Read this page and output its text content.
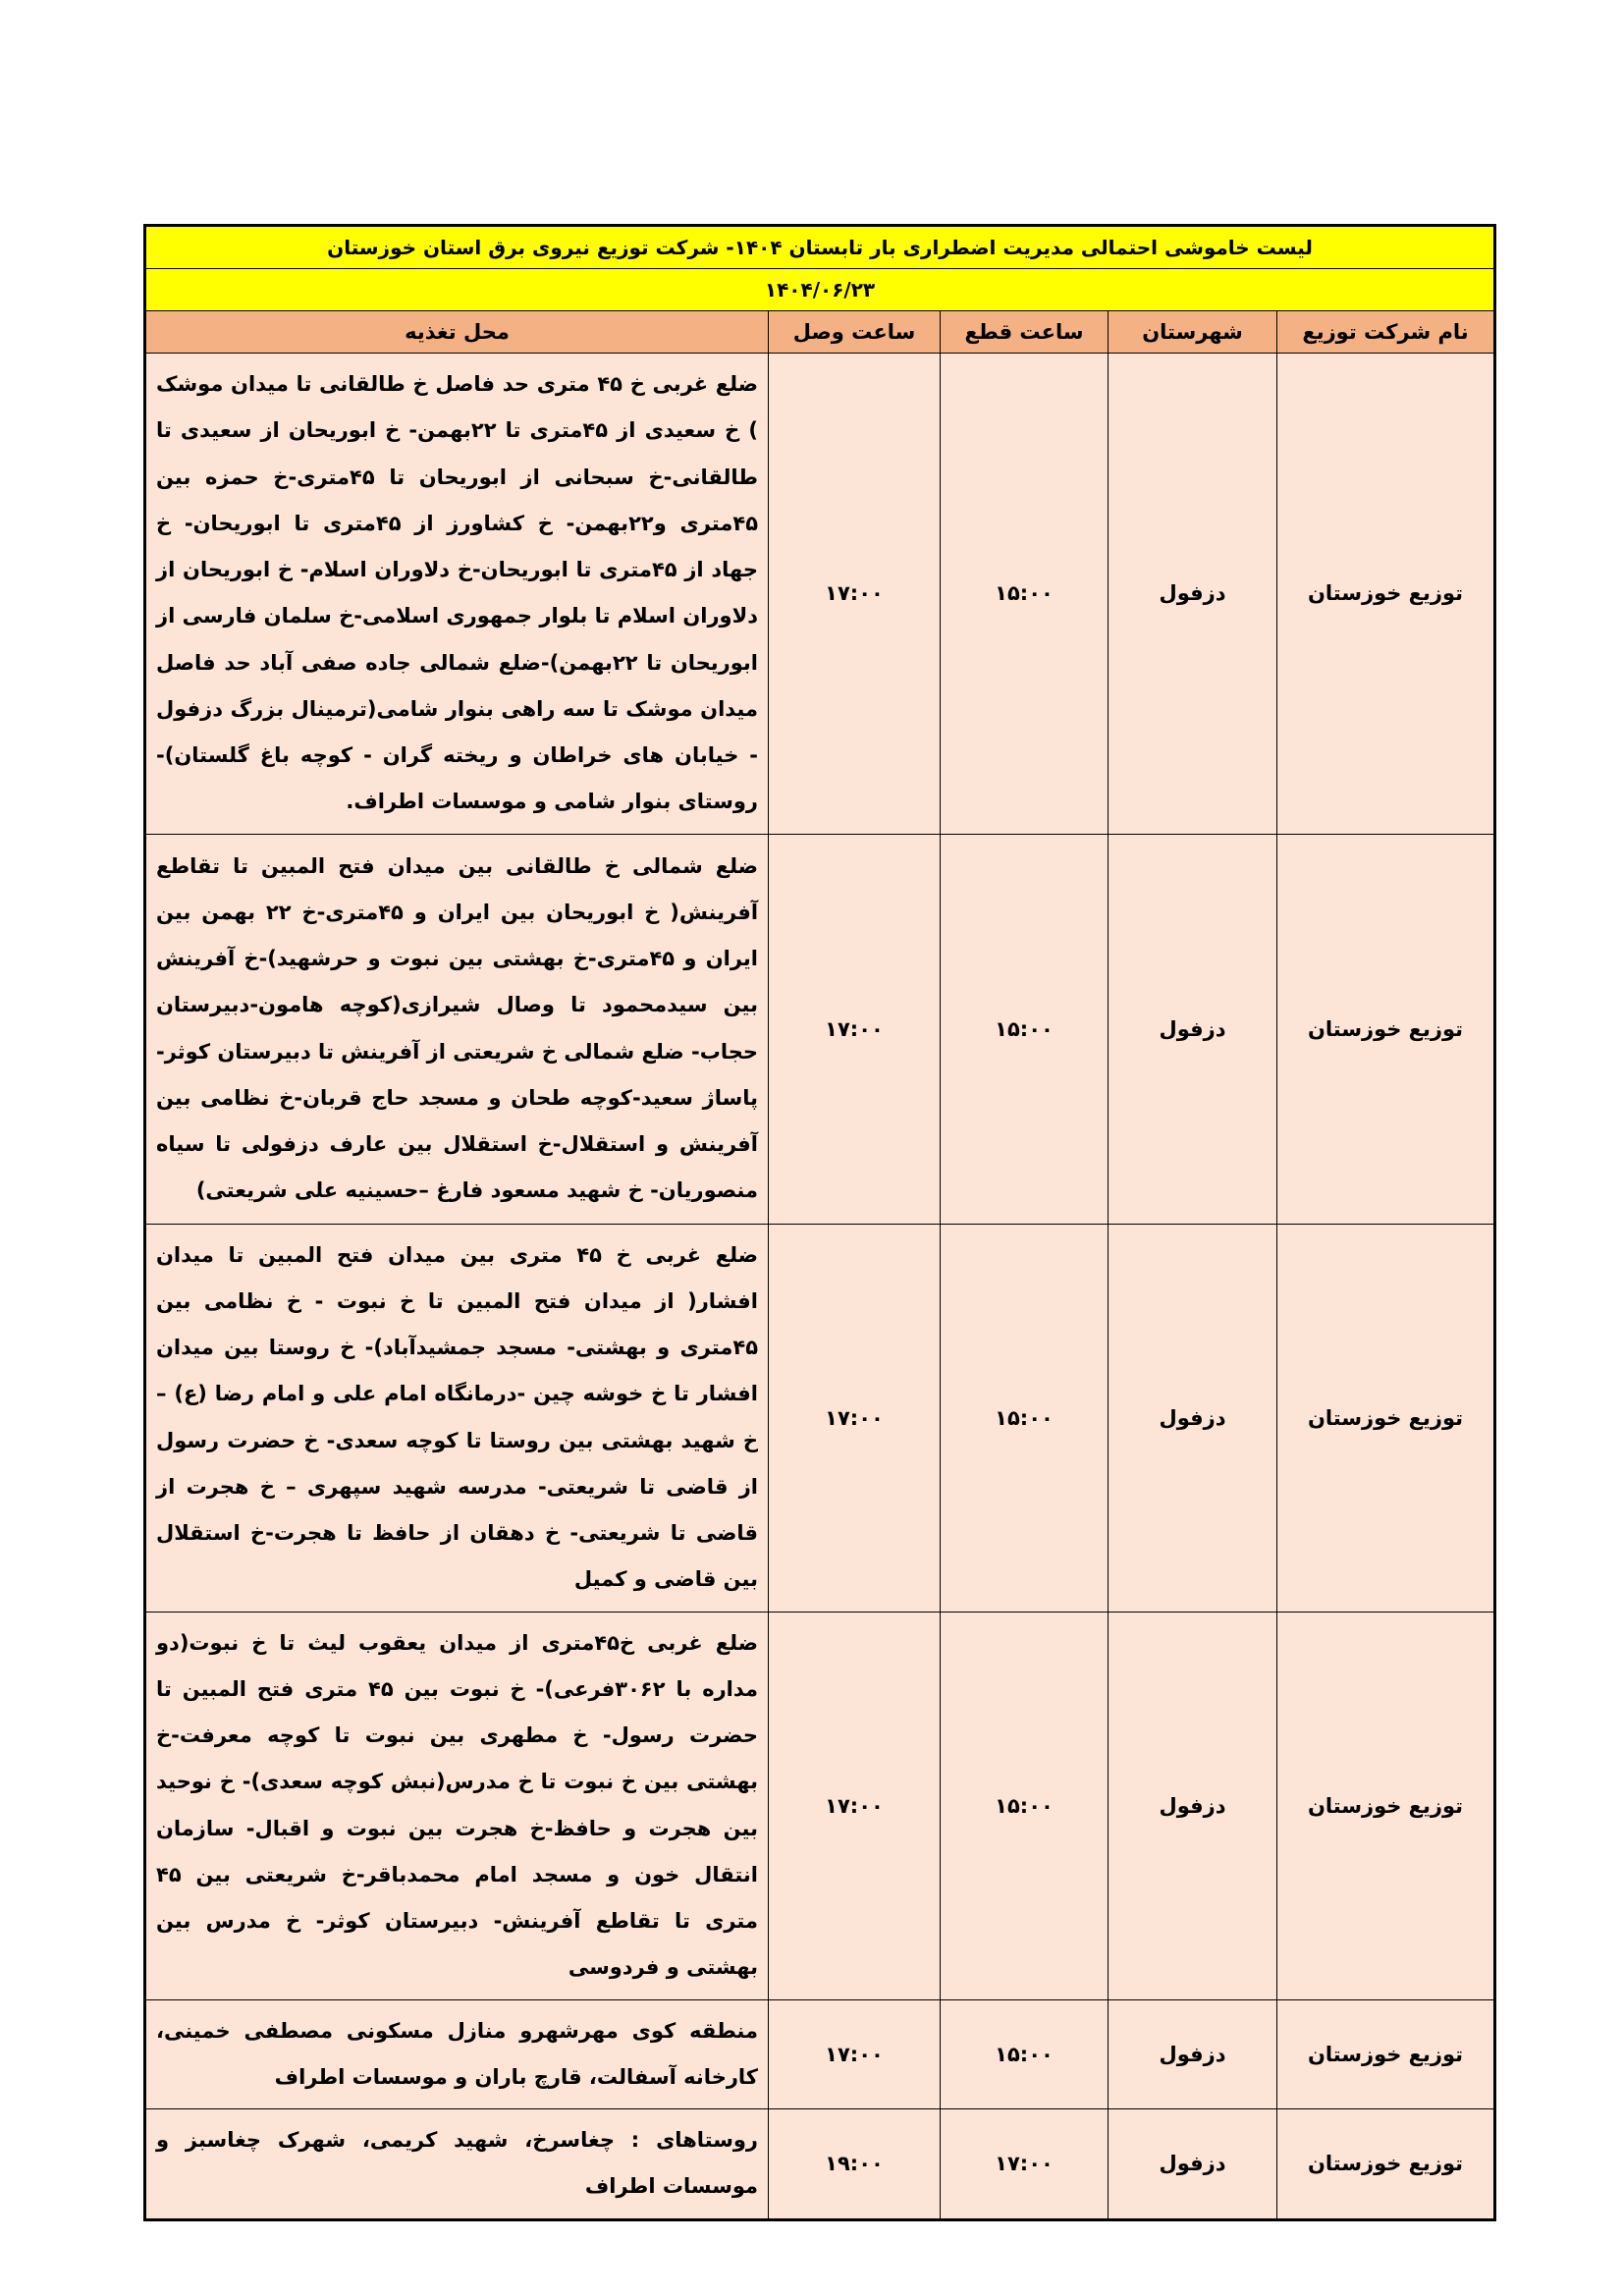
لیست خاموشی احتمالی مدیریت اضطراری بار تابستان ۱۴۰۴- شرکت توزیع نیروی برق استان خوزستان				
۱۴۰۴/۰۶/۲۳				
نام شرکت توزیع	شهرستان	ساعت قطع	ساعت وصل	محل تغذیه
توزیع خوزستان	دزفول	۱۵:۰۰	۱۷:۰۰	ضلع غربی خ ۴۵ متری حد فاصل خ طالقانی تا میدان موشک ) خ سعیدی از ۴۵متری تا ۲۲بهمن- خ ابوریحان از سعیدی تا طالقانی-خ سبحانی از ابوریحان تا ۴۵متری-خ حمزه بین ۴۵متری و۲۲بهمن- خ کشاورز از ۴۵متری تا ابوریحان- خ جهاد از ۴۵متری تا ابوریحان-خ دلاوران اسلام- خ ابوریحان از دلاوران اسلام تا بلوار جمهوری اسلامی-خ سلمان فارسی از ابوریحان تا ۲۲بهمن)-ضلع شمالی جاده صفی آباد حد فاصل میدان موشک تا سه راهی بنوار شامی(ترمینال بزرگ دزفول - خیابان های خراطان و ریخته گران - کوچه باغ گلستان)- روستای بنوار شامی و موسسات اطراف.
توزیع خوزستان	دزفول	۱۵:۰۰	۱۷:۰۰	ضلع شمالی خ طالقانی بین میدان فتح المبین تا تقاطع آفرینش( خ ابوریحان بین ایران و ۴۵متری-خ ۲۲ بهمن بین ایران و ۴۵متری-خ بهشتی بین نبوت و حرشهید)-خ آفرینش بین سیدمحمود تا وصال شیرازی(کوچه هامون-دبیرستان حجاب- ضلع شمالی خ شریعتی از آفرینش تا دبیرستان کوثر- پاساژ سعید-کوچه طحان و مسجد حاج قربان-خ نظامی بین آفرینش و استقلال-خ استقلال بین عارف دزفولی تا سیاه منصوریان- خ شهید مسعود فارغ –حسینیه علی شریعتی)
توزیع خوزستان	دزفول	۱۵:۰۰	۱۷:۰۰	ضلع غربی خ ۴۵ متری بین میدان فتح المبین تا میدان افشار( از میدان فتح المبین تا خ نبوت - خ نظامی بین ۴۵متری و بهشتی- مسجد جمشیدآباد)- خ روستا بین میدان افشار تا خ خوشه چین -درمانگاه امام علی و امام رضا (ع) – خ شهید بهشتی بین روستا تا کوچه سعدی- خ حضرت رسول از قاضی تا شریعتی- مدرسه شهید سپهری – خ هجرت از قاضی تا شریعتی- خ دهقان از حافظ تا هجرت-خ استقلال بین قاضی و کمیل
توزیع خوزستان	دزفول	۱۵:۰۰	۱۷:۰۰	ضلع غربی خ۴۵متری از میدان یعقوب لیث تا خ نبوت(دو مداره با ۳۰۶۲فرعی)- خ نبوت بین ۴۵ متری فتح المبین تا حضرت رسول- خ مطهری بین نبوت تا کوچه معرفت-خ بهشتی بین خ نبوت تا خ مدرس(نبش کوچه سعدی)- خ نوحید بین هجرت و حافظ-خ هجرت بین نبوت و اقبال- سازمان انتقال خون و مسجد امام محمدباقر-خ شریعتی بین ۴۵ متری تا تقاطع آفرینش- دبیرستان کوثر- خ مدرس بین بهشتی و فردوسی
توزیع خوزستان	دزفول	۱۵:۰۰	۱۷:۰۰	منطقه کوی مهرشهرو منازل مسکونی مصطفی خمینی، کارخانه آسفالت، قارچ باران و موسسات اطراف
توزیع خوزستان	دزفول	۱۷:۰۰	۱۹:۰۰	روستاهای : چغاسرخ، شهید کریمی، شهرک چغاسبز و موسسات اطراف
